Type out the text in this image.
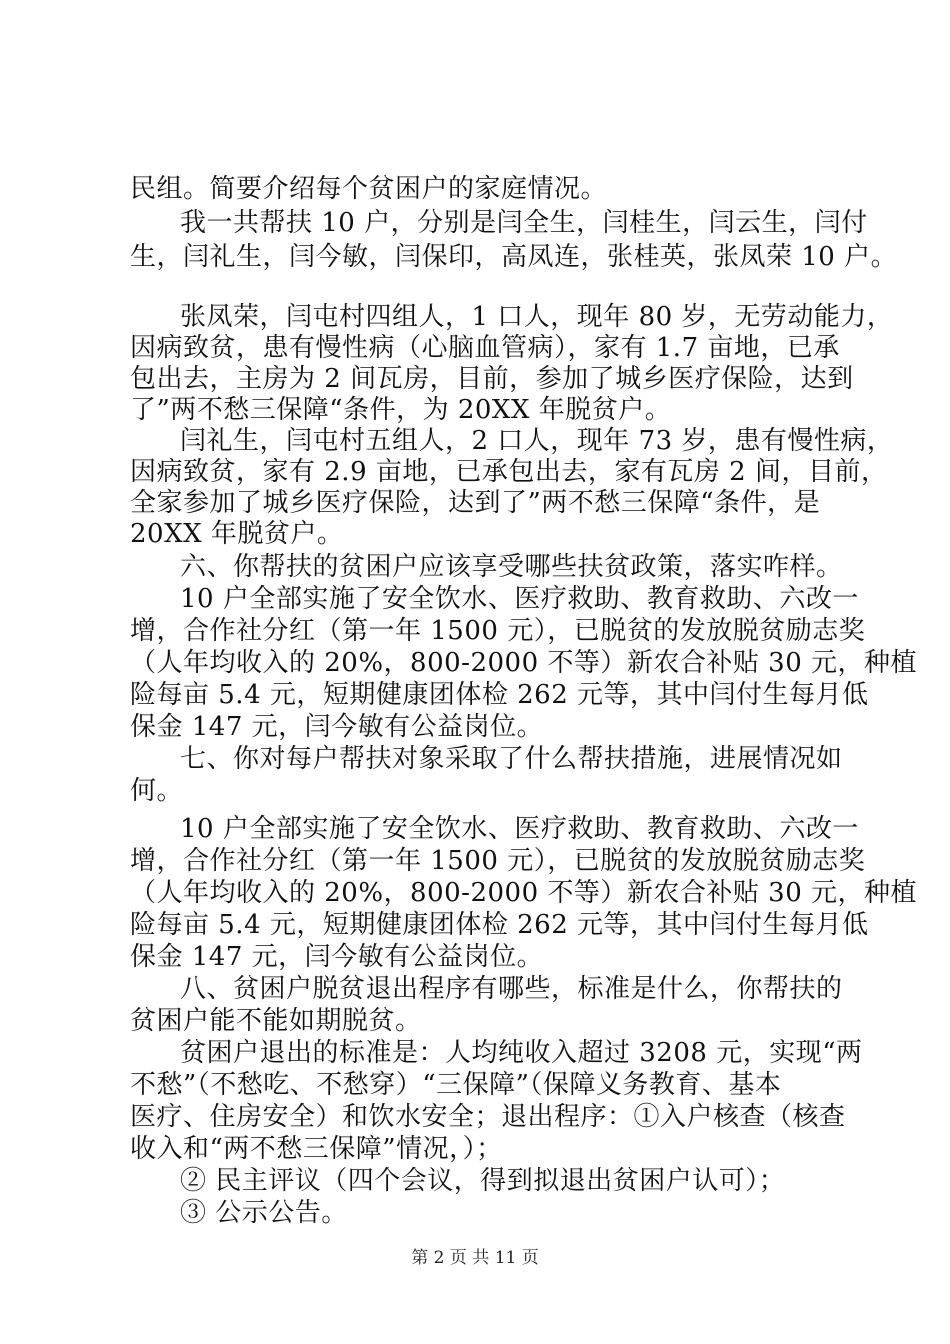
民组。简要介绍每个贫困户的家庭情况。
我一共帮扶 10 户，分别是闫全生，闫桂生，闫云生，闫付
生，闫礼生，闫今敏，闫保印，高凤连，张桂英，张凤荣 10 户。
张凤荣，闫屯村四组人，1 口人，现年 80 岁，无劳动能力，
因病致贫，患有慢性病（心脑血管病），家有 1.7 亩地，已承
包出去，主房为 2 间瓦房，目前，参加了城乡医疗保险，达到
了”两不愁三保障“条件，为 20XX 年脱贫户。
闫礼生，闫屯村五组人，2 口人，现年 73 岁，患有慢性病，
因病致贫，家有 2.9 亩地，已承包出去，家有瓦房 2 间，目前，
全家参加了城乡医疗保险，达到了”两不愁三保障“条件，是
20XX 年脱贫户。
六、你帮扶的贫困户应该享受哪些扶贫政策，落实咋样。
10 户全部实施了安全饮水、医疗救助、教育救助、六改一
增，合作社分红（第一年 1500 元），已脱贫的发放脱贫励志奖
（人年均收入的 20%，800-2000 不等）新农合补贴 30 元，种植
险每亩 5.4 元，短期健康团体检 262 元等，其中闫付生每月低
保金 147 元，闫今敏有公益岗位。
七、你对每户帮扶对象采取了什么帮扶措施，进展情况如
何。
10 户全部实施了安全饮水、医疗救助、教育救助、六改一
增，合作社分红（第一年 1500 元），已脱贫的发放脱贫励志奖
（人年均收入的 20%，800-2000 不等）新农合补贴 30 元，种植
险每亩 5.4 元，短期健康团体检 262 元等，其中闫付生每月低
保金 147 元，闫今敏有公益岗位。
八、贫困户脱贫退出程序有哪些，标准是什么，你帮扶的
贫困户能不能如期脱贫。
贫困户退出的标准是：人均纯收入超过 3208 元，实现“两
不愁”（不愁吃、不愁穿）“三保障”（保障义务教育、基本
医疗、住房安全）和饮水安全；退出程序：①入户核查（核查
收入和“两不愁三保障”情况，）；
② 民主评议（四个会议，得到拟退出贫困户认可）；
③ 公示公告。
第 2 页 共 11 页
